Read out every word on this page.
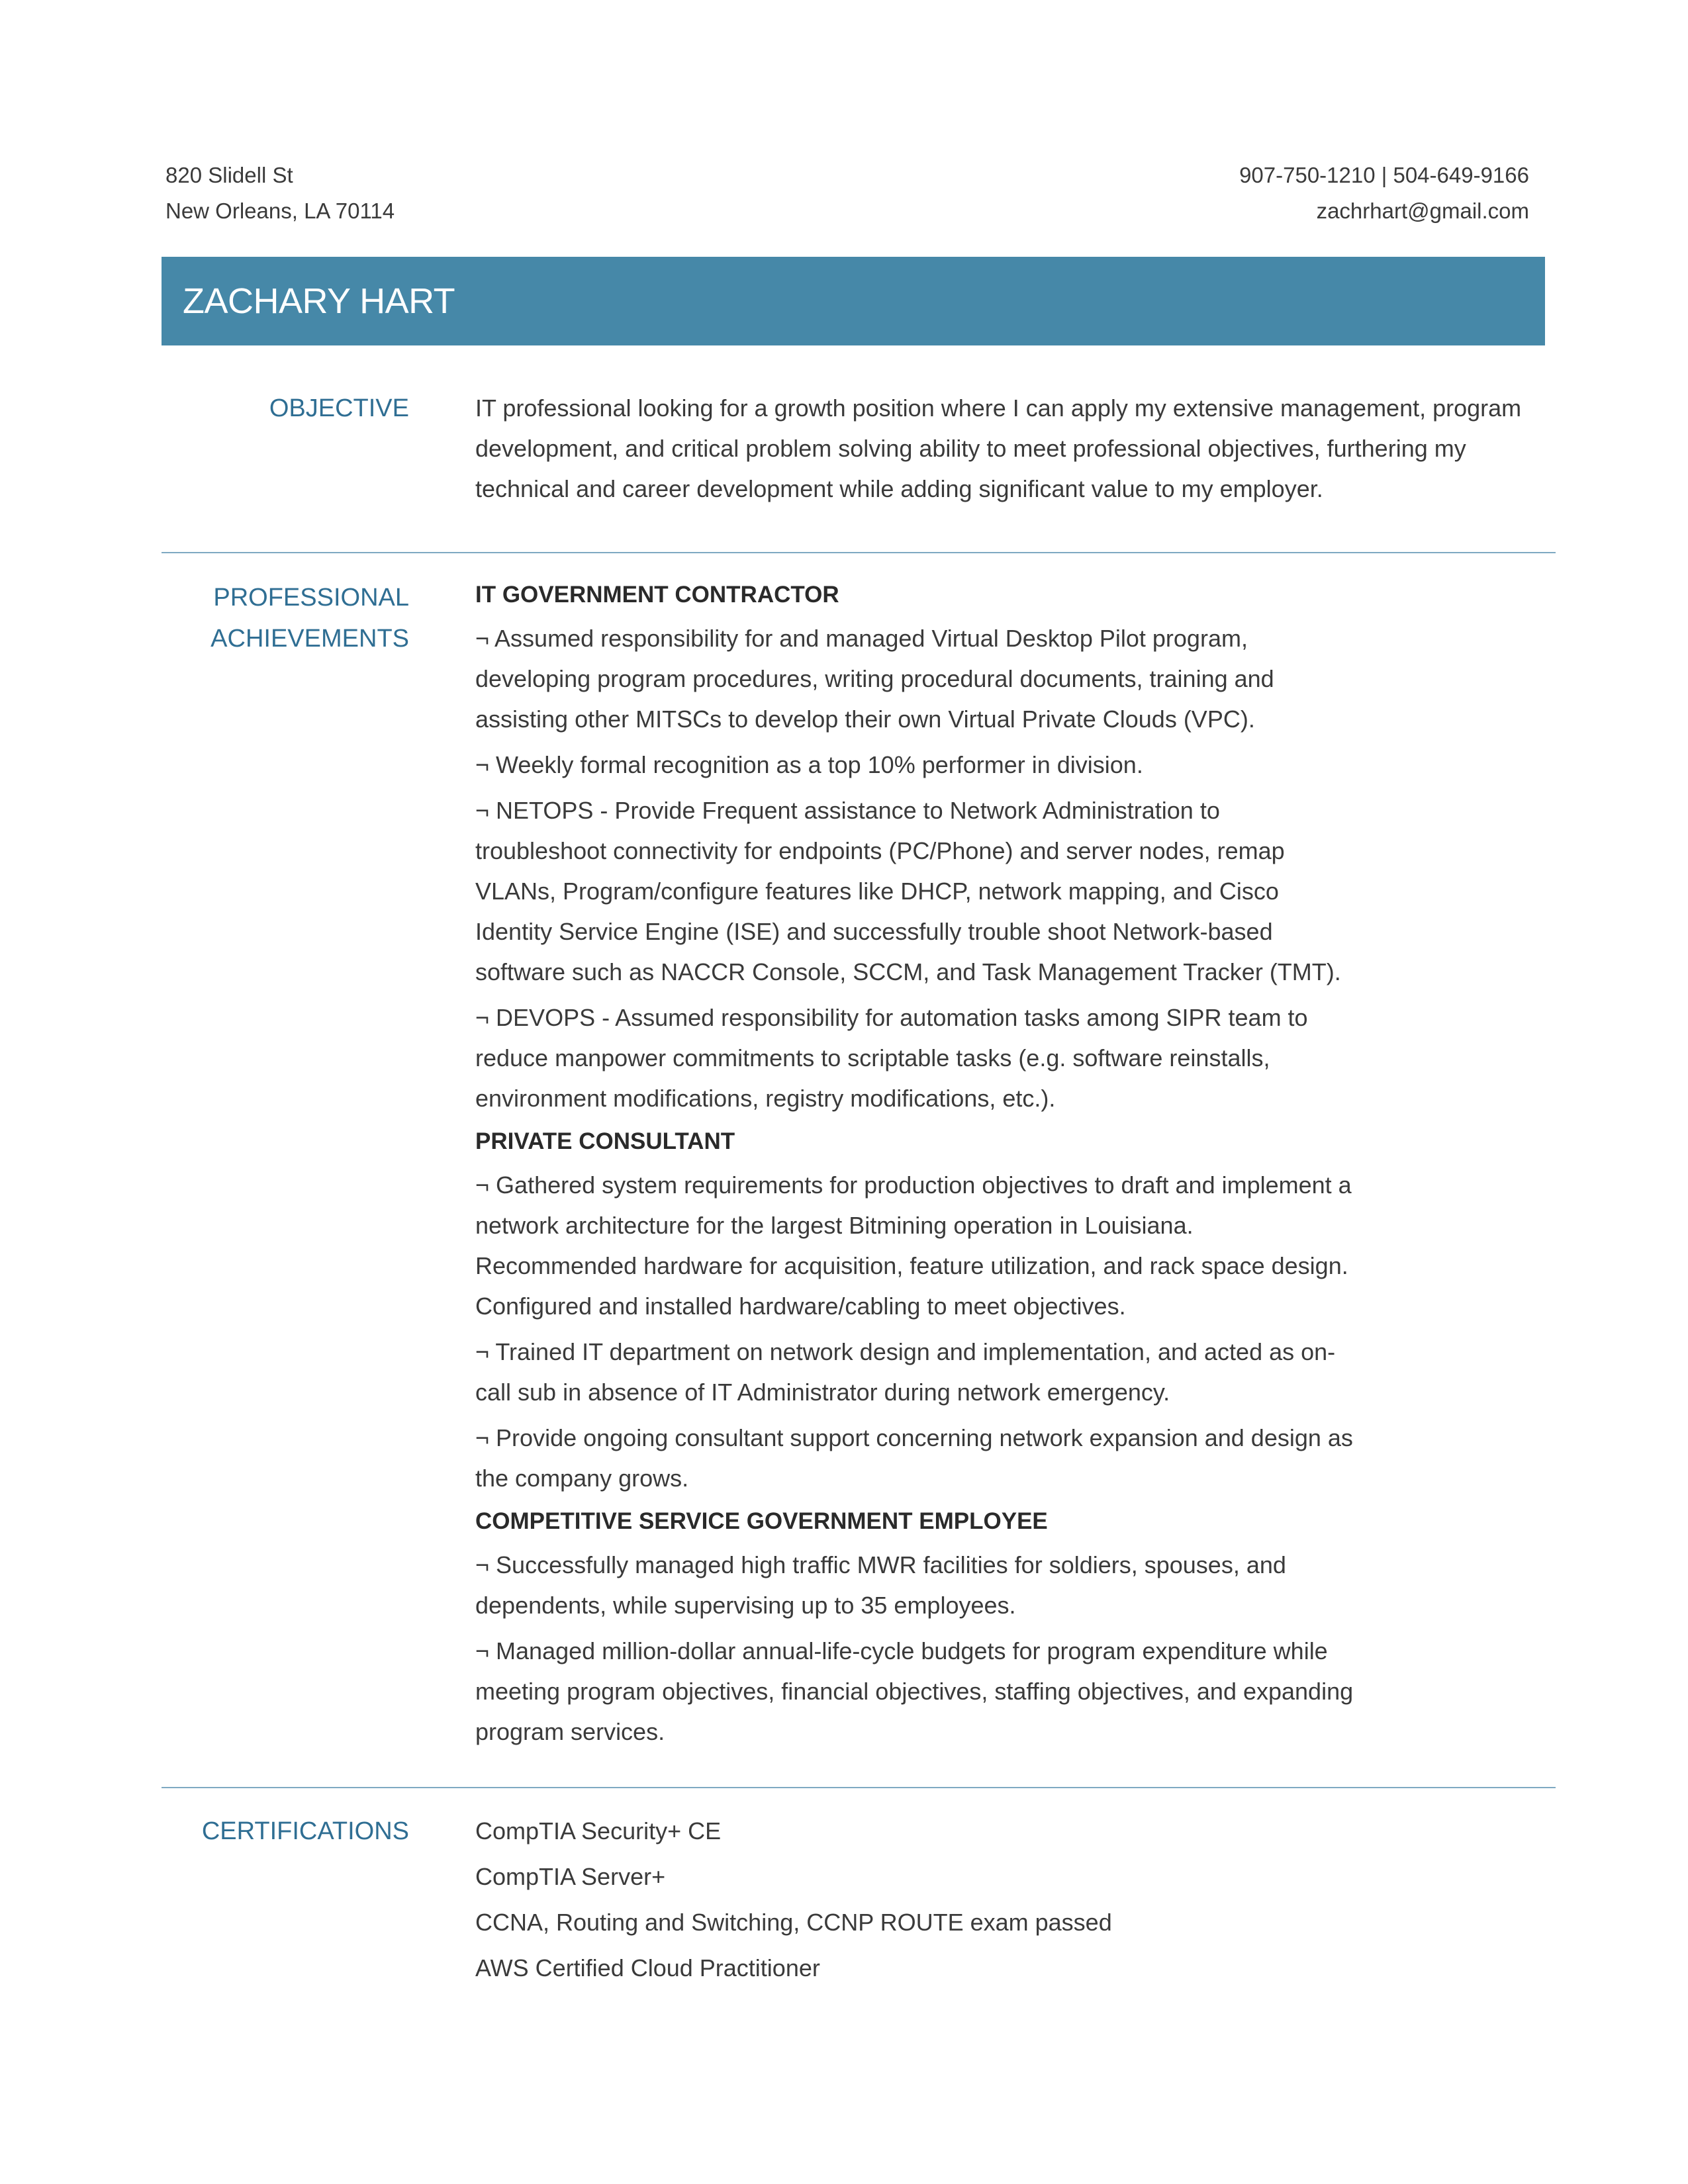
820 Slidell St
New Orleans, LA 70114
907-750-1210 | 504-649-9166
zachrhart@gmail.com
ZACHARY HART
OBJECTIVE	IT professional looking for a growth position where I can apply my extensive management, program development, and critical problem solving ability to meet professional objectives, furthering my technical and career development while adding significant value to my employer.

PROFESSIONAL
ACHIEVEMENTS
IT GOVERNMENT CONTRACTOR
¬ Assumed responsibility for and managed Virtual Desktop Pilot program, developing program procedures, writing procedural documents, training and assisting other MITSCs to develop their own Virtual Private Clouds (VPC).
¬ Weekly formal recognition as a top 10% performer in division.
¬ NETOPS - Provide Frequent assistance to Network Administration to troubleshoot connectivity for endpoints (PC/Phone) and server nodes, remap VLANs, Program/configure features like DHCP, network mapping, and Cisco Identity Service Engine (ISE) and successfully trouble shoot Network-based software such as NACCR Console, SCCM, and Task Management Tracker (TMT).
¬ DEVOPS - Assumed responsibility for automation tasks among SIPR team to reduce manpower commitments to scriptable tasks (e.g. software reinstalls, environment modifications, registry modifications, etc.).
PRIVATE CONSULTANT
¬ Gathered system requirements for production objectives to draft and implement a network architecture for the largest Bitmining operation in Louisiana. Recommended hardware for acquisition, feature utilization, and rack space design. Configured and installed hardware/cabling to meet objectives.
¬ Trained IT department on network design and implementation, and acted as on-call sub in absence of IT Administrator during network emergency.
¬ Provide ongoing consultant support concerning network expansion and design as the company grows.
COMPETITIVE SERVICE GOVERNMENT EMPLOYEE
¬ Successfully managed high traffic MWR facilities for soldiers, spouses, and dependents, while supervising up to 35 employees.
¬ Managed million-dollar annual-life-cycle budgets for program expenditure while meeting program objectives, financial objectives, staffing objectives, and expanding program services.
CERTIFICATIONS	CompTIA Security+ CE
CompTIA Server+
CCNA, Routing and Switching, CCNP ROUTE exam passed
AWS Certified Cloud Practitioner
